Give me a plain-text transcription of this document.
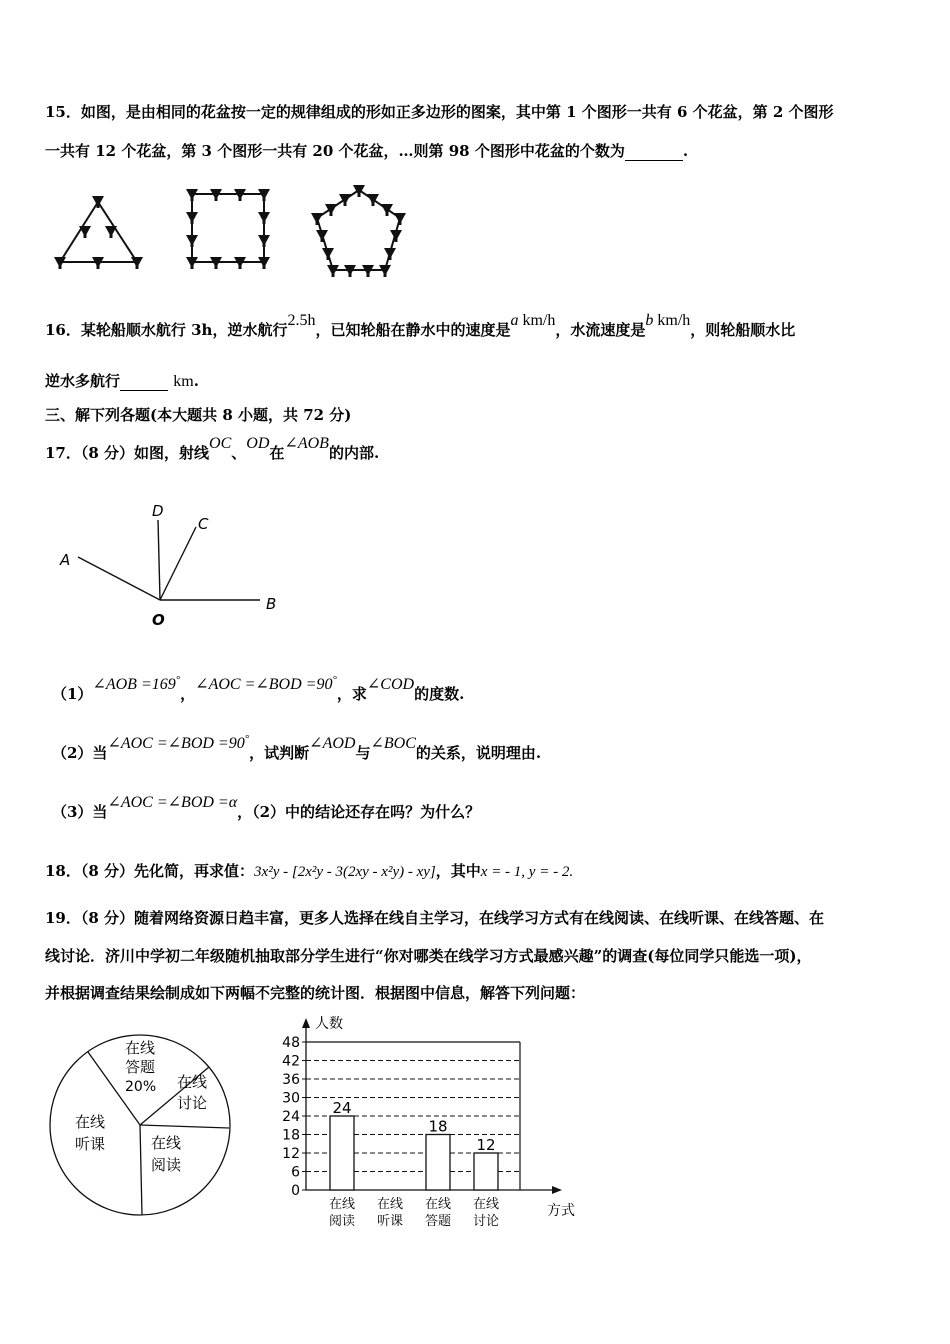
15．如图，是由相同的花盆按一定的规律组成的形如正多边形的图案，其中第 1 个图形一共有 6 个花盆，第 2 个图形
一共有 12 个花盆，第 3 个图形一共有 20 个花盆，…则第 98 个图形中花盆的个数为	.
16．某轮船顺水航行 3h，逆水航行2.5h，已知轮船在静水中的速度是a km/h，水流速度是b km/h，则轮船顺水比
逆水多航行	km.
三、解下列各题(本大题共 8 小题，共 72 分)
17．（8 分）如图，射线OC、OD在∠AOB的内部.
A
B
C
D
O
（1）∠AOB =169°，∠AOC =∠BOD =90°，求∠COD的度数.
（2）当∠AOC =∠BOD =90°，试判断∠AOD与∠BOC的关系，说明理由.
（3）当∠AOC =∠BOD =α，（2）中的结论还存在吗？为什么？
18．（8 分）先化简，再求值：3x²y - [2x²y - 3(2xy - x²y) - xy]，其中x = - 1, y = - 2.
19．（8 分）随着网络资源日趋丰富，更多人选择在线自主学习，在线学习方式有在线阅读、在线听课、在线答题、在
线讨论．济川中学初二年级随机抽取部分学生进行“你对哪类在线学习方式最感兴趣”的调查(每位同学只能选一项)，
并根据调查结果绘制成如下两幅不完整的统计图．根据图中信息，解答下列问题：
在线
答题
20% 在线
讨论
在线
阅读
在线
听课
人数
方式
0
6
12
18
24
30
36
42
48
24
在线
阅读
在线
听课
18
在线
答题
12
在线
讨论
